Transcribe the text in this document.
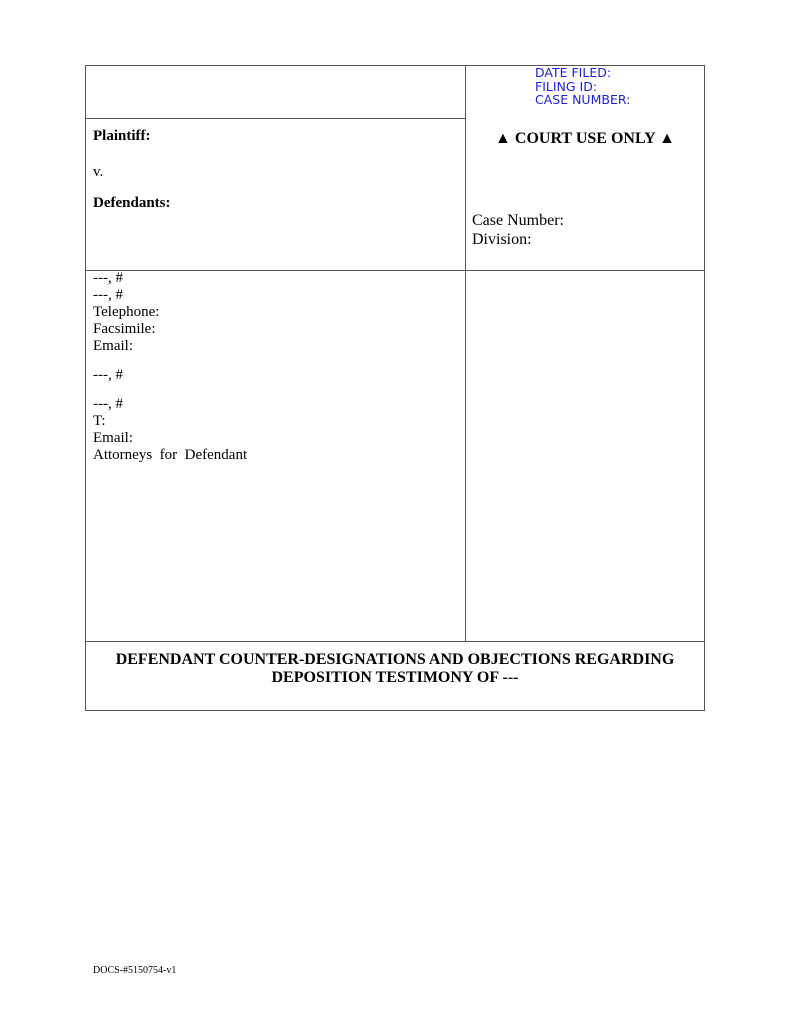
DATE FILED:
FILING ID:
CASE NUMBER:
▲ COURT USE ONLY ▲
Plaintiff:
v.
Defendants:
Case Number:
Division:
---, #
---, #
Telephone:
Facsimile:
Email:
---, #
---, #
T:
Email:
Attorneys  for  Defendant
DEFENDANT COUNTER-DESIGNATIONS AND OBJECTIONS REGARDING
DEPOSITION TESTIMONY OF ---
DOCS-#5150754-v1
